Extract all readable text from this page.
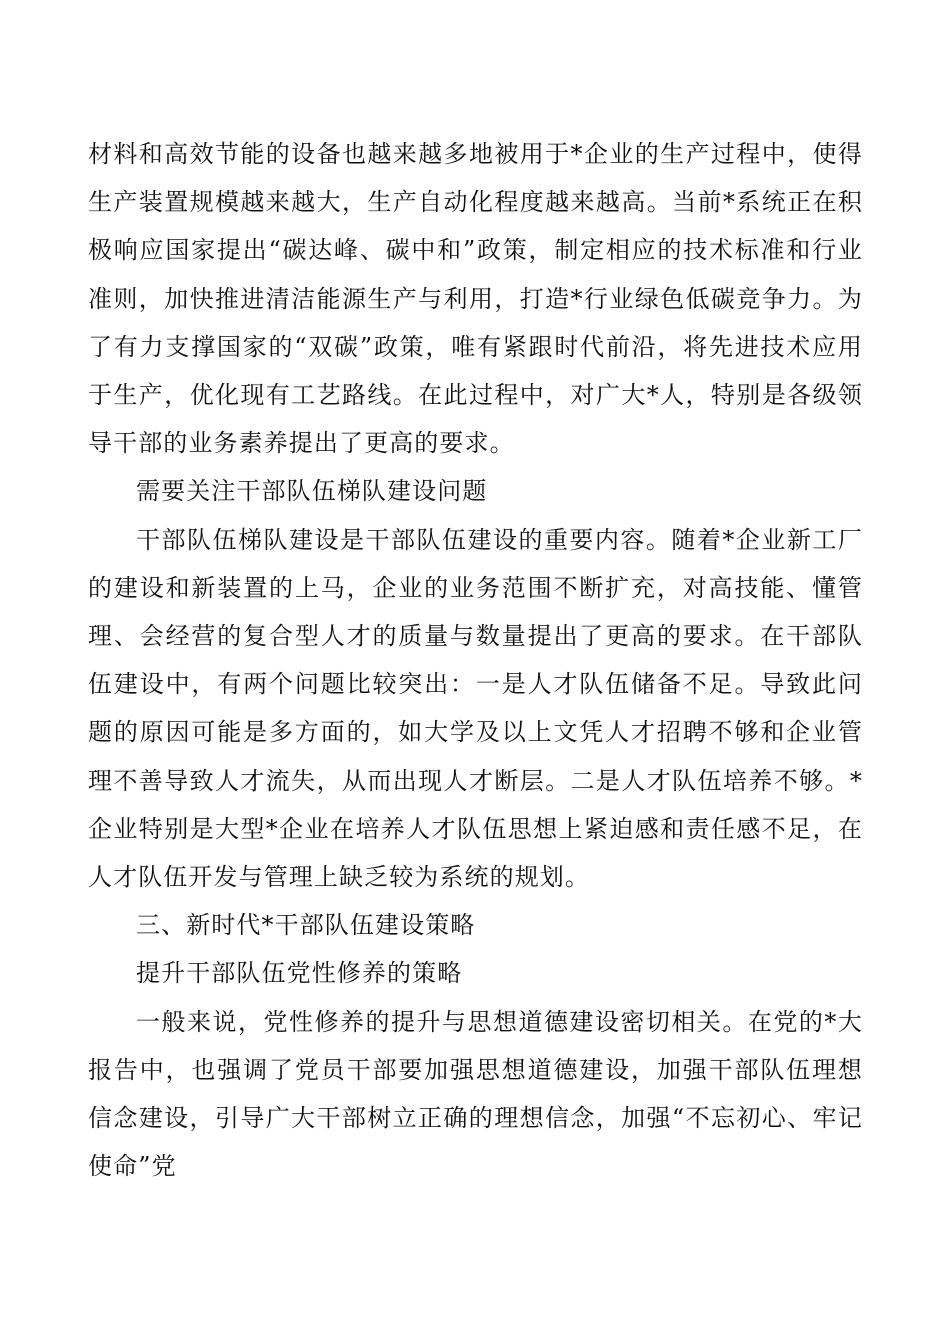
材料和高效节能的设备也越来越多地被用于*企业的生产过程中，使得生产装置规模越来越大，生产自动化程度越来越高。当前*系统正在积极响应国家提出“碳达峰、碳中和”政策，制定相应的技术标准和行业准则，加快推进清洁能源生产与利用，打造*行业绿色低碳竞争力。为了有力支撑国家的“双碳”政策，唯有紧跟时代前沿，将先进技术应用于生产，优化现有工艺路线。在此过程中，对广大*人，特别是各级领导干部的业务素养提出了更高的要求。

需要关注干部队伍梯队建设问题

干部队伍梯队建设是干部队伍建设的重要内容。随着*企业新工厂的建设和新装置的上马，企业的业务范围不断扩充，对高技能、懂管理、会经营的复合型人才的质量与数量提出了更高的要求。在干部队伍建设中，有两个问题比较突出：一是人才队伍储备不足。导致此问题的原因可能是多方面的，如大学及以上文凭人才招聘不够和企业管理不善导致人才流失，从而出现人才断层。二是人才队伍培养不够。*企业特别是大型*企业在培养人才队伍思想上紧迫感和责任感不足，在人才队伍开发与管理上缺乏较为系统的规划。

三、新时代*干部队伍建设策略

提升干部队伍党性修养的策略

一般来说，党性修养的提升与思想道德建设密切相关。在党的*大报告中，也强调了党员干部要加强思想道德建设，加强干部队伍理想信念建设，引导广大干部树立正确的理想信念，加强“不忘初心、牢记使命”党
